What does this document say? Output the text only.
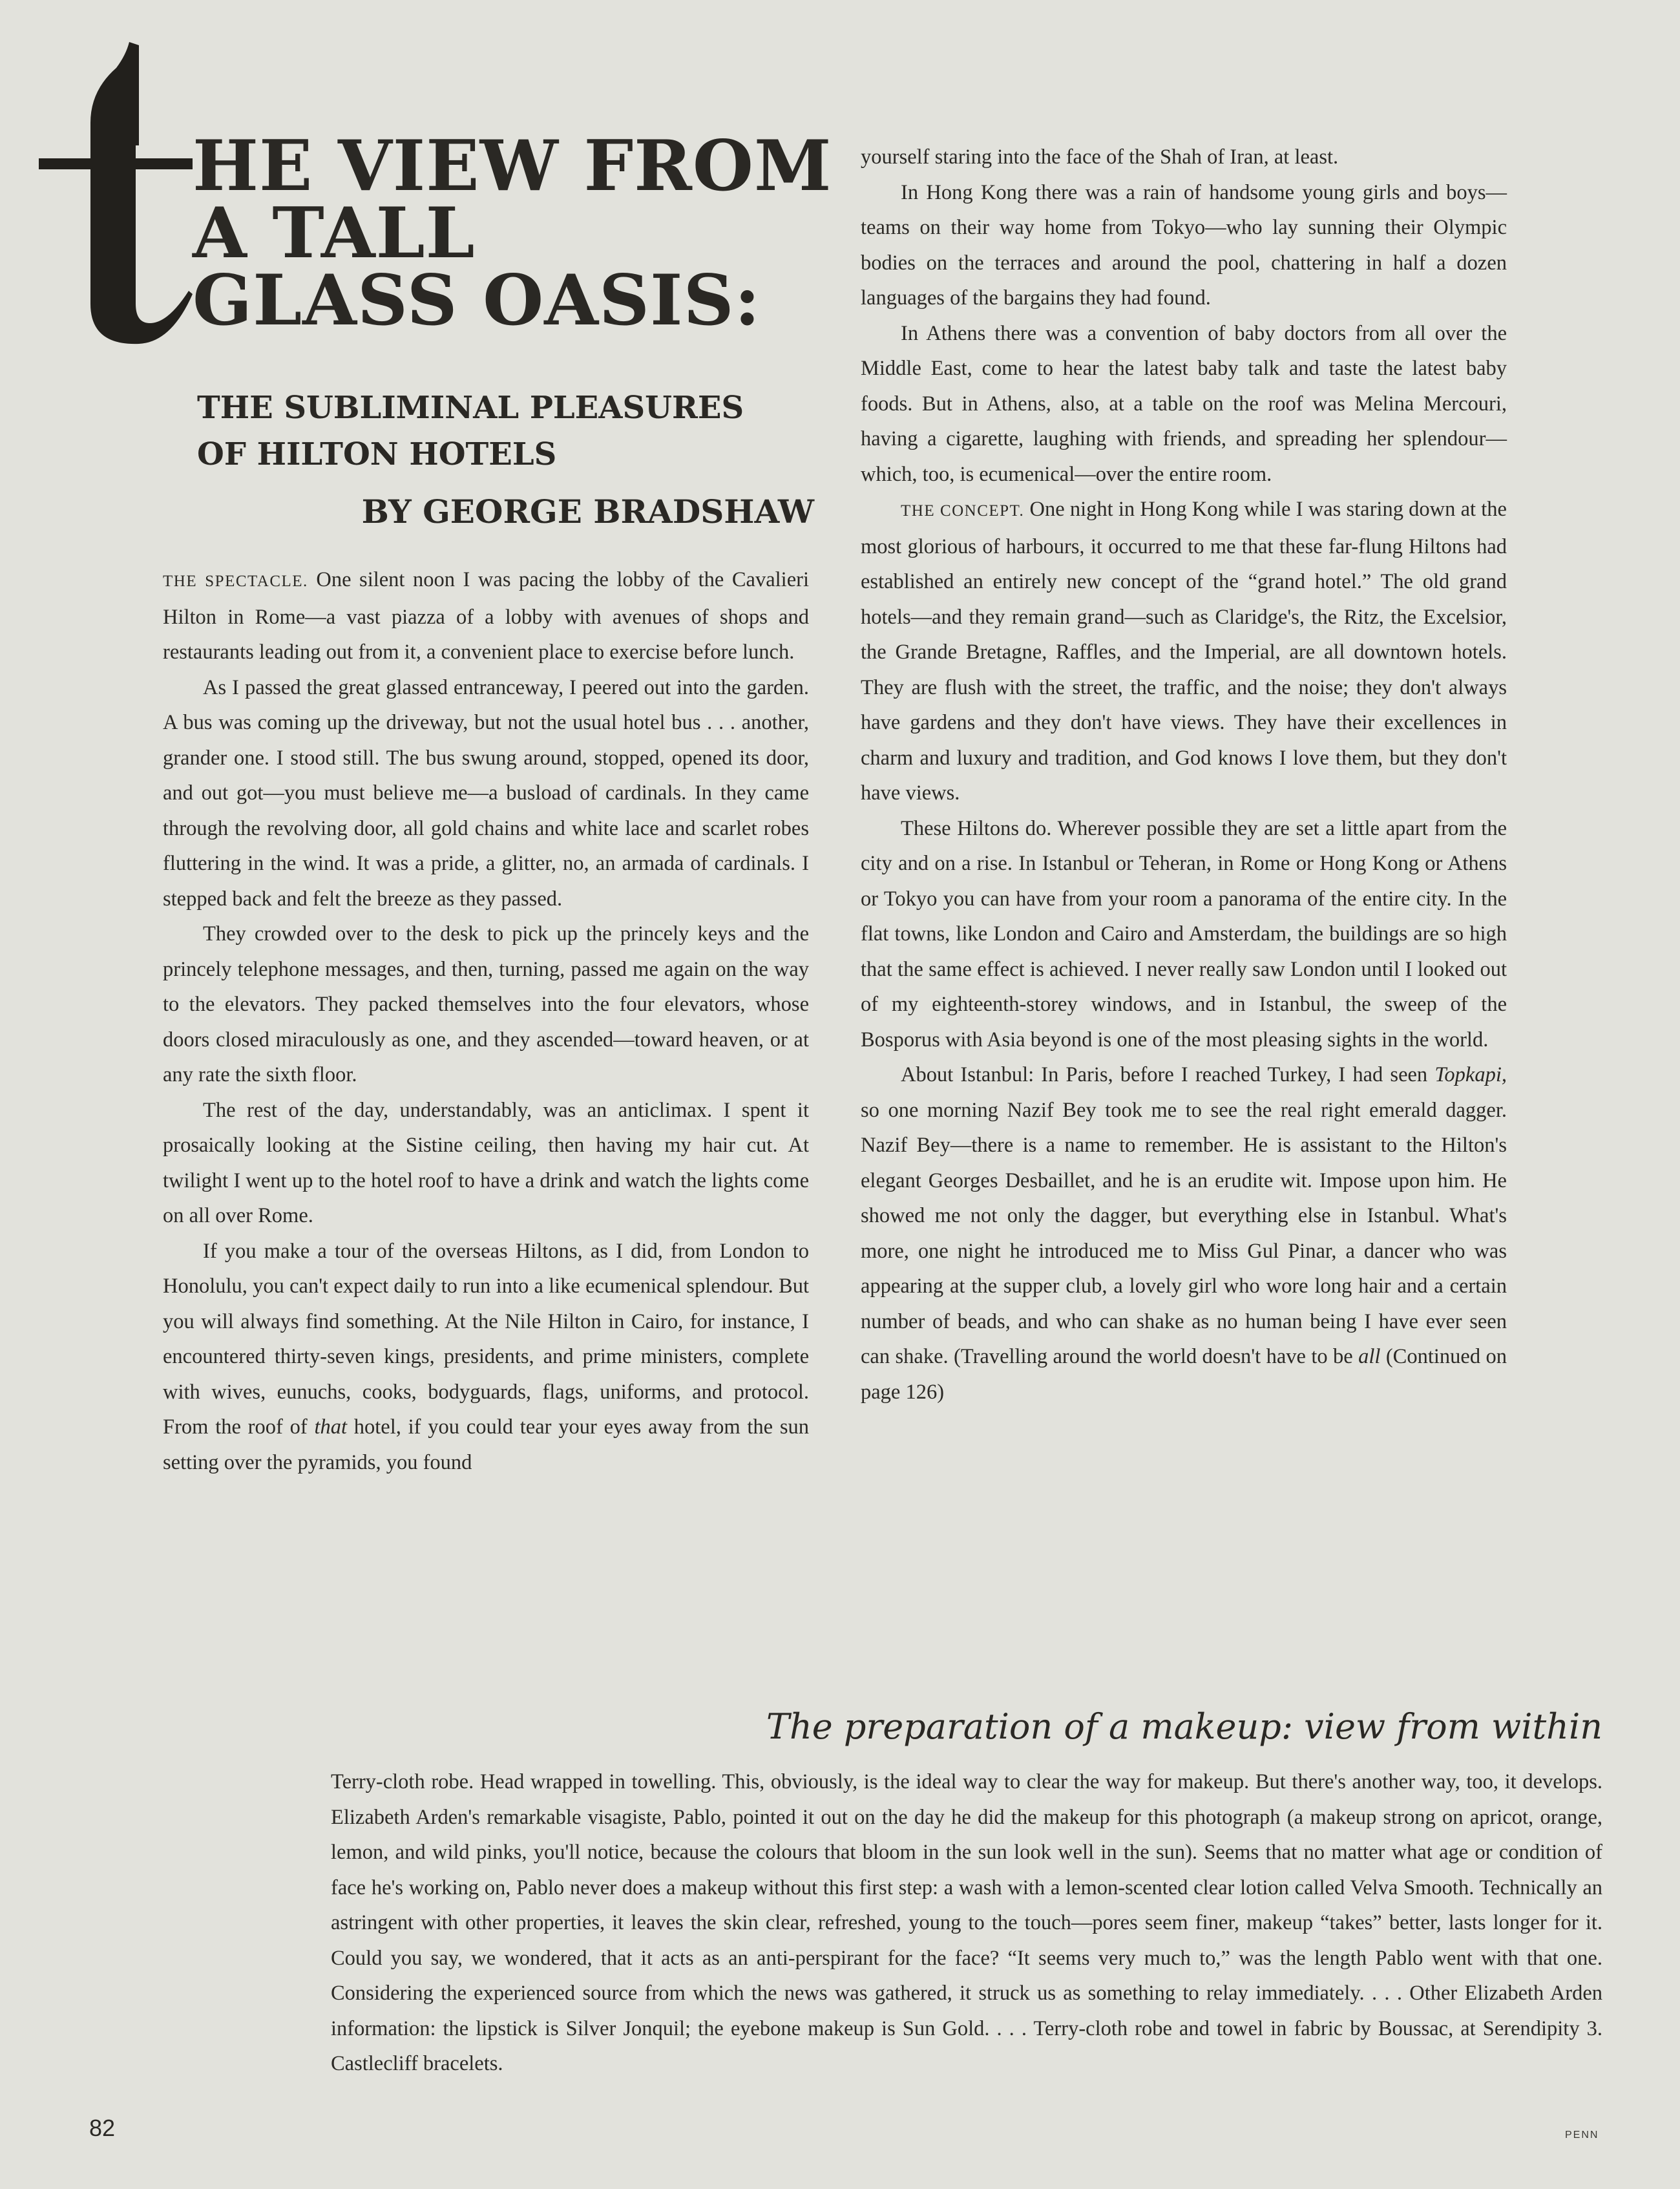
HE VIEW FROM
A TALL
GLASS OASIS:
THE SUBLIMINAL PLEASURES
OF HILTON HOTELS
BY GEORGE BRADSHAW

THE SPECTACLE. One silent noon I was pacing the lobby of the Cavalieri Hilton in Rome—a vast piazza of a lobby with avenues of shops and restaurants leading out from it, a convenient place to exercise before lunch.

As I passed the great glassed entranceway, I peered out into the garden. A bus was coming up the driveway, but not the usual hotel bus . . . another, grander one. I stood still. The bus swung around, stopped, opened its door, and out got—you must believe me—a busload of cardinals. In they came through the revolving door, all gold chains and white lace and scarlet robes fluttering in the wind. It was a pride, a glitter, no, an armada of cardinals. I stepped back and felt the breeze as they passed.

They crowded over to the desk to pick up the princely keys and the princely telephone messages, and then, turning, passed me again on the way to the elevators. They packed themselves into the four elevators, whose doors closed miraculously as one, and they ascended—toward heaven, or at any rate the sixth floor.

The rest of the day, understandably, was an anticlimax. I spent it prosaically looking at the Sistine ceiling, then having my hair cut. At twilight I went up to the hotel roof to have a drink and watch the lights come on all over Rome.

If you make a tour of the overseas Hiltons, as I did, from London to Honolulu, you can't expect daily to run into a like ecumenical splendour. But you will always find something. At the Nile Hilton in Cairo, for instance, I encountered thirty-seven kings, presidents, and prime ministers, complete with wives, eunuchs, cooks, bodyguards, flags, uniforms, and protocol. From the roof of that hotel, if you could tear your eyes away from the sun setting over the pyramids, you found

yourself staring into the face of the Shah of Iran, at least.

In Hong Kong there was a rain of handsome young girls and boys—teams on their way home from Tokyo—who lay sunning their Olympic bodies on the terraces and around the pool, chattering in half a dozen languages of the bargains they had found.

In Athens there was a convention of baby doctors from all over the Middle East, come to hear the latest baby talk and taste the latest baby foods. But in Athens, also, at a table on the roof was Melina Mercouri, having a cigarette, laughing with friends, and spreading her splendour—which, too, is ecumenical—over the entire room.

THE CONCEPT. One night in Hong Kong while I was staring down at the most glorious of harbours, it occurred to me that these far-flung Hiltons had established an entirely new concept of the “grand hotel.” The old grand hotels—and they remain grand—such as Claridge's, the Ritz, the Excelsior, the Grande Bretagne, Raffles, and the Imperial, are all downtown hotels. They are flush with the street, the traffic, and the noise; they don't always have gardens and they don't have views. They have their excellences in charm and luxury and tradition, and God knows I love them, but they don't have views.

These Hiltons do. Wherever possible they are set a little apart from the city and on a rise. In Istanbul or Teheran, in Rome or Hong Kong or Athens or Tokyo you can have from your room a panorama of the entire city. In the flat towns, like London and Cairo and Amsterdam, the buildings are so high that the same effect is achieved. I never really saw London until I looked out of my eighteenth-storey windows, and in Istanbul, the sweep of the Bosporus with Asia beyond is one of the most pleasing sights in the world.

About Istanbul: In Paris, before I reached Turkey, I had seen Topkapi, so one morning Nazif Bey took me to see the real right emerald dagger. Nazif Bey—there is a name to remember. He is assistant to the Hilton's elegant Georges Desbaillet, and he is an erudite wit. Impose upon him. He showed me not only the dagger, but everything else in Istanbul. What's more, one night he introduced me to Miss Gul Pinar, a dancer who was appearing at the supper club, a lovely girl who wore long hair and a certain number of beads, and who can shake as no human being I have ever seen can shake. (Travelling around the world doesn't have to be all (Continued on page 126)

The preparation of a makeup: view from within

Terry-cloth robe. Head wrapped in towelling. This, obviously, is the ideal way to clear the way for makeup. But there's another way, too, it develops. Elizabeth Arden's remarkable visagiste, Pablo, pointed it out on the day he did the makeup for this photograph (a makeup strong on apricot, orange, lemon, and wild pinks, you'll notice, because the colours that bloom in the sun look well in the sun). Seems that no matter what age or condition of face he's working on, Pablo never does a makeup without this first step: a wash with a lemon-scented clear lotion called Velva Smooth. Technically an astringent with other properties, it leaves the skin clear, refreshed, young to the touch—pores seem finer, makeup “takes” better, lasts longer for it. Could you say, we wondered, that it acts as an anti-perspirant for the face? “It seems very much to,” was the length Pablo went with that one. Considering the experienced source from which the news was gathered, it struck us as something to relay immediately. . . . Other Elizabeth Arden information: the lipstick is Silver Jonquil; the eyebone makeup is Sun Gold. . . . Terry-cloth robe and towel in fabric by Boussac, at Serendipity 3. Castlecliff bracelets.

82	PENN
